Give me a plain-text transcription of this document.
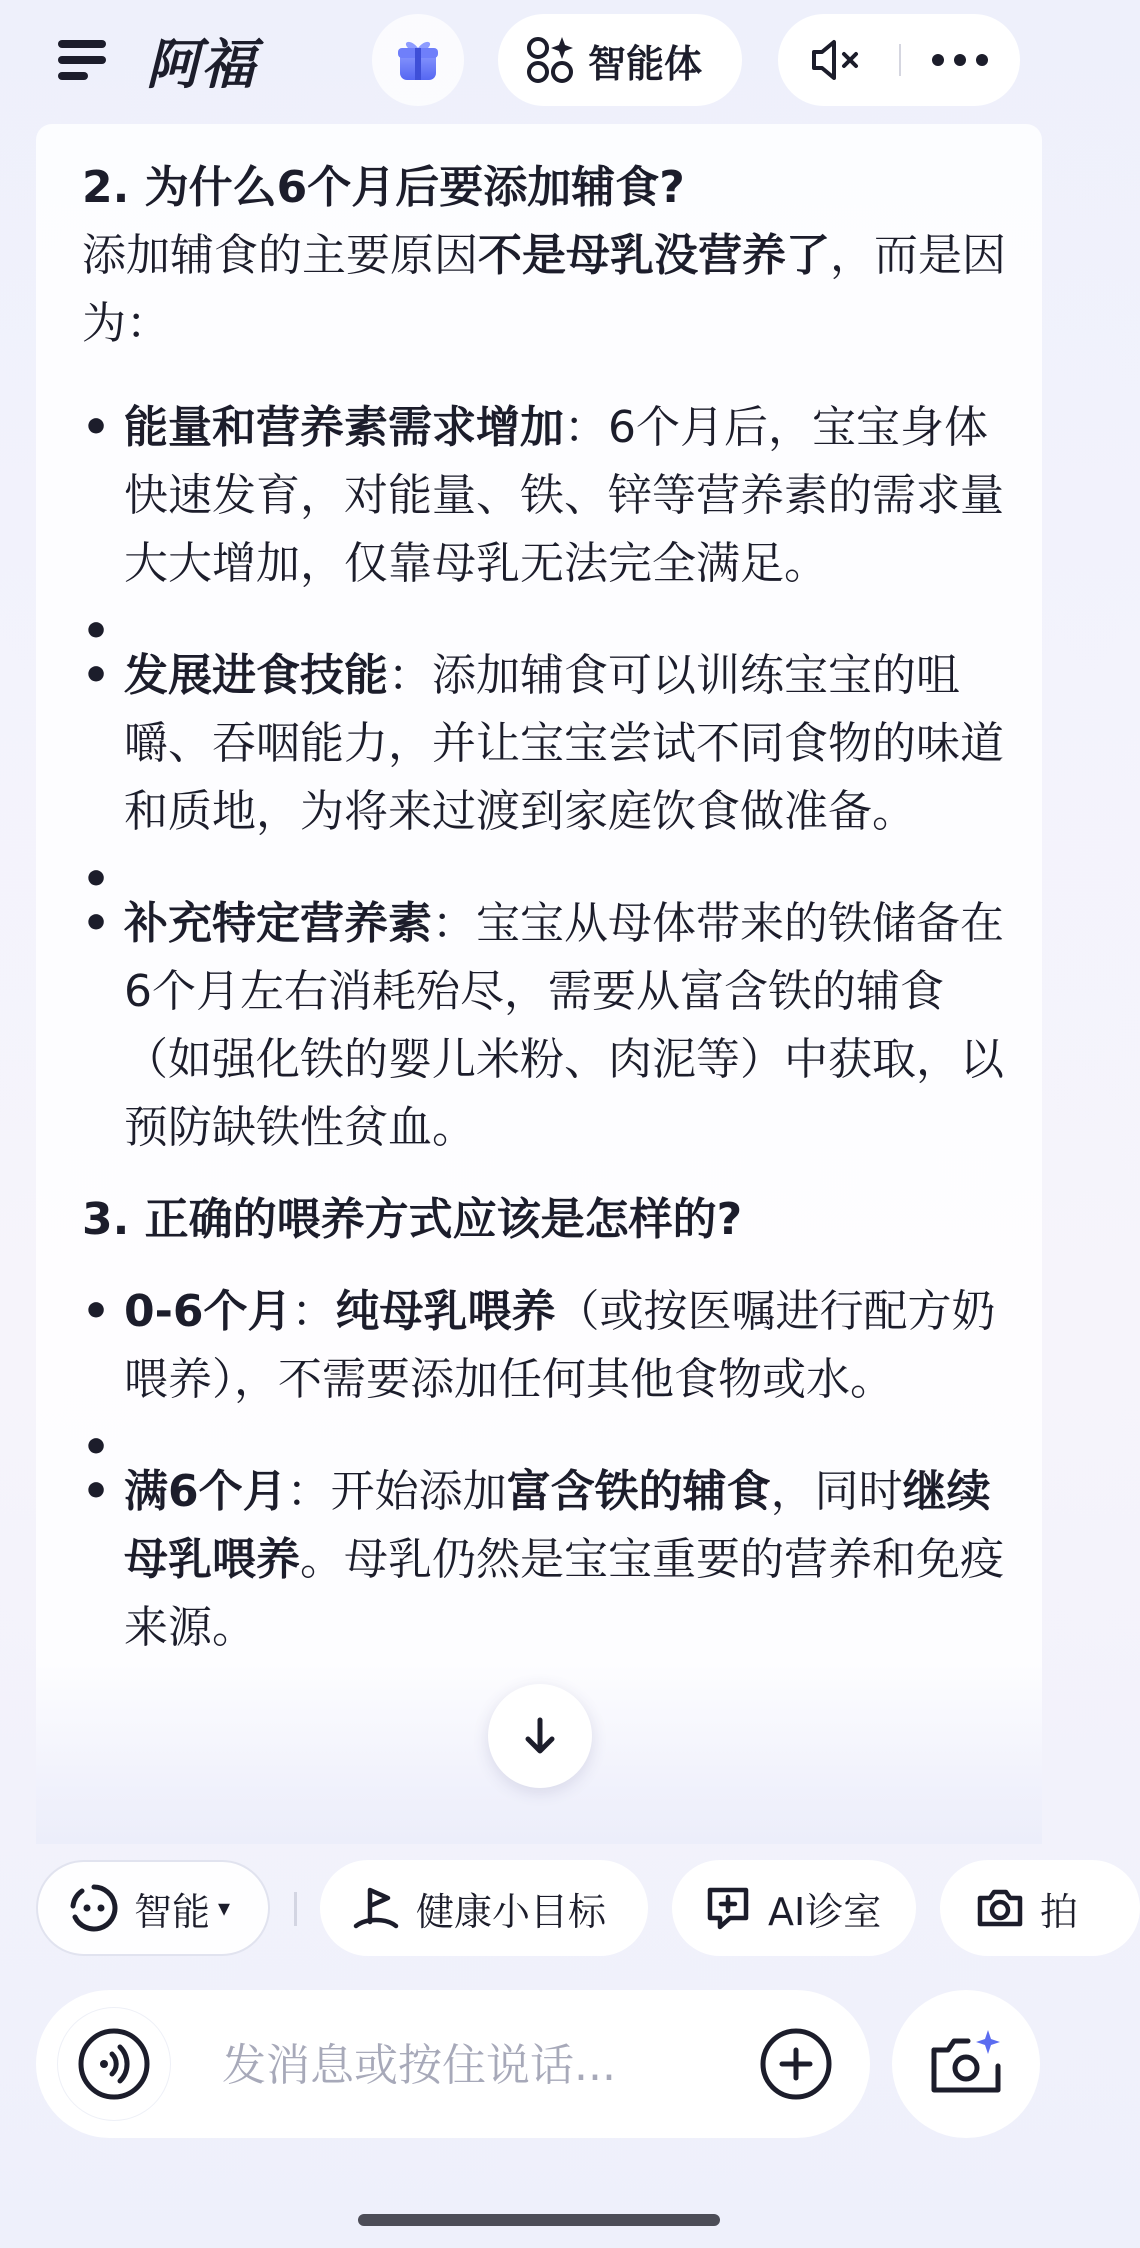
阿福	智能体
2. 为什么6个月后要添加辅食?
添加辅食的主要原因不是母乳没营养了，而是因为：
• 能量和营养素需求增加：6个月后，宝宝身体快速发育，对能量、铁、锌等营养素的需求量大大增加，仅靠母乳无法完全满足。
•
• 发展进食技能：添加辅食可以训练宝宝的咀嚼、吞咽能力，并让宝宝尝试不同食物的味道和质地，为将来过渡到家庭饮食做准备。
•
• 补充特定营养素：宝宝从母体带来的铁储备在6个月左右消耗殆尽，需要从富含铁的辅食（如强化铁的婴儿米粉、肉泥等）中获取，以预防缺铁性贫血。
3. 正确的喂养方式应该是怎样的?
• 0-6个月：纯母乳喂养（或按医嘱进行配方奶喂养），不需要添加任何其他食物或水。
•
• 满6个月：开始添加富含铁的辅食，同时继续母乳喂养。母乳仍然是宝宝重要的营养和免疫来源。
智能 ▾	健康小目标	AI诊室	拍
发消息或按住说话...
